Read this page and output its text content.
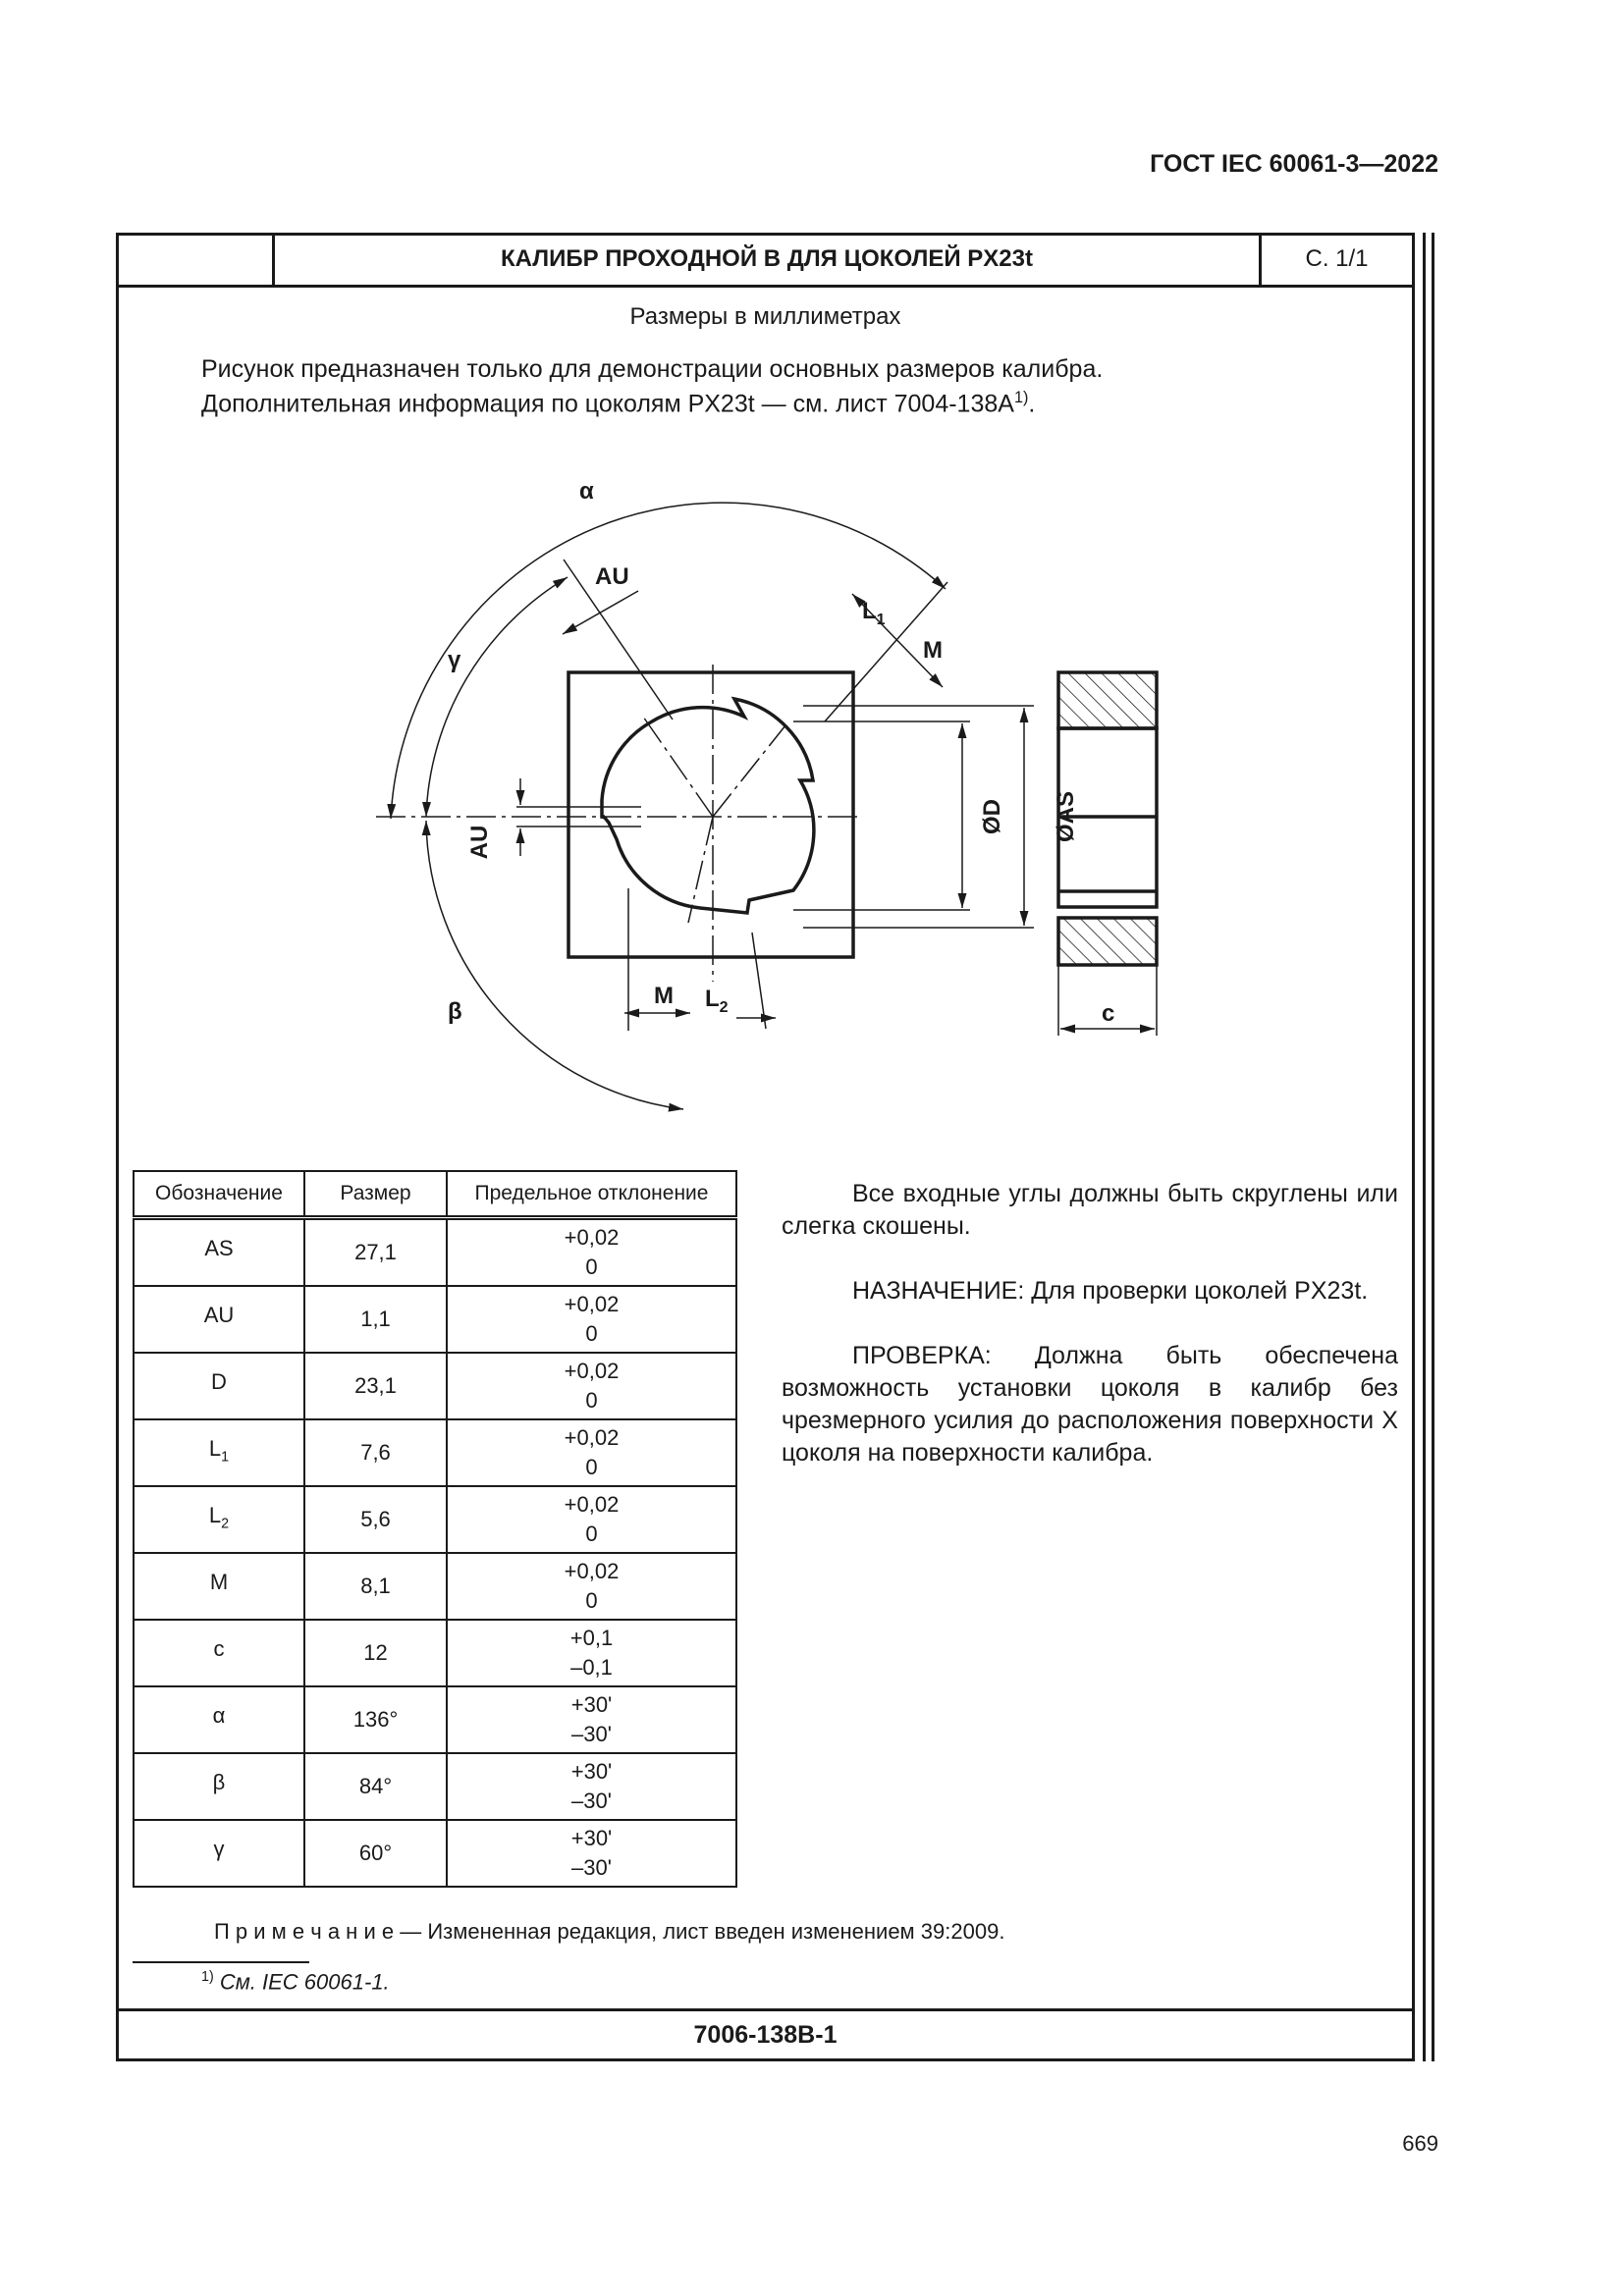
ГОСТ IEC 60061-3—2022
КАЛИБР ПРОХОДНОЙ В ДЛЯ ЦОКОЛЕЙ PX23t	С. 1/1
Размеры в миллиметрах
Рисунок предназначен только для демонстрации основных размеров калибра.
Дополнительная информация по цоколям PX23t — см. лист $7004-138A^{1)}$.
α
β
γ
AU
AU
$L_1$
M
M $L_2$
ØD ØAS
c
Обозначение	Размер	Предельное отклонение
AS	27,1	+0,02
0

AU	1,1	+0,02
0

D	23,1	+0,02
0

$L_1$	7,6	+0,02
0

$L_2$	5,6	+0,02
0

M	8,1	+0,02
0

c	12	+0,1
–0,1

α	136°	+30'
–30'

β	84°	+30'
–30'

γ	60°	+30'
–30'

Все входные углы должны быть скруглены или слегка скошены.

НАЗНАЧЕНИЕ: Для проверки цоколей PX23t.

ПРОВЕРКА: Должна быть обеспечена возможность установки цоколя в калибр без чрезмерного усилия до расположения поверхности X цоколя на поверхности калибра.

П р и м е ч а н и е — Измененная редакция, лист введен изменением 39:2009.
$^{1)}$ См. IEC 60061-1.
7006-138B-1
669
